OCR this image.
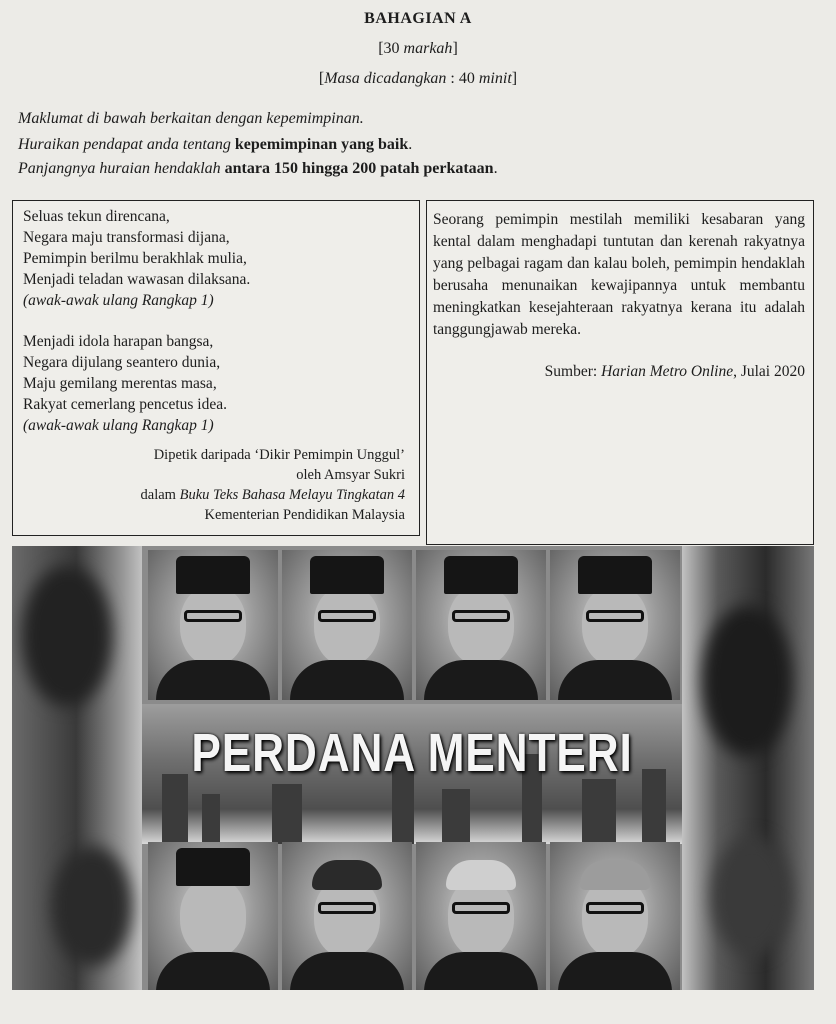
BAHAGIAN A
[30 markah]
[Masa dicadangkan : 40 minit]
Maklumat di bawah berkaitan dengan kepemimpinan.
Huraikan pendapat anda tentang kepemimpinan yang baik.
Panjangnya huraian hendaklah antara 150 hingga 200 patah perkataan.
Seluas tekun direncana,
Negara maju transformasi dijana,
Pemimpin berilmu berakhlak mulia,
Menjadi teladan wawasan dilaksana.
(awak-awak ulang Rangkap 1)
Menjadi idola harapan bangsa,
Negara dijulang seantero dunia,
Maju gemilang merentas masa,
Rakyat cemerlang pencetus idea.
(awak-awak ulang Rangkap 1)
Dipetik daripada ‘Dikir Pemimpin Unggul’
oleh Amsyar Sukri
dalam Buku Teks Bahasa Melayu Tingkatan 4
Kementerian Pendidikan Malaysia
Seorang pemimpin mestilah memiliki kesabaran yang kental dalam menghadapi tuntutan dan kerenah rakyatnya yang pelbagai ragam dan kalau boleh, pemimpin hendaklah berusaha menunaikan kewajipannya untuk membantu meningkatkan kesejahteraan rakyatnya kerana itu adalah tanggungjawab mereka.
Sumber: Harian Metro Online, Julai 2020
PERDANA MENTERI
